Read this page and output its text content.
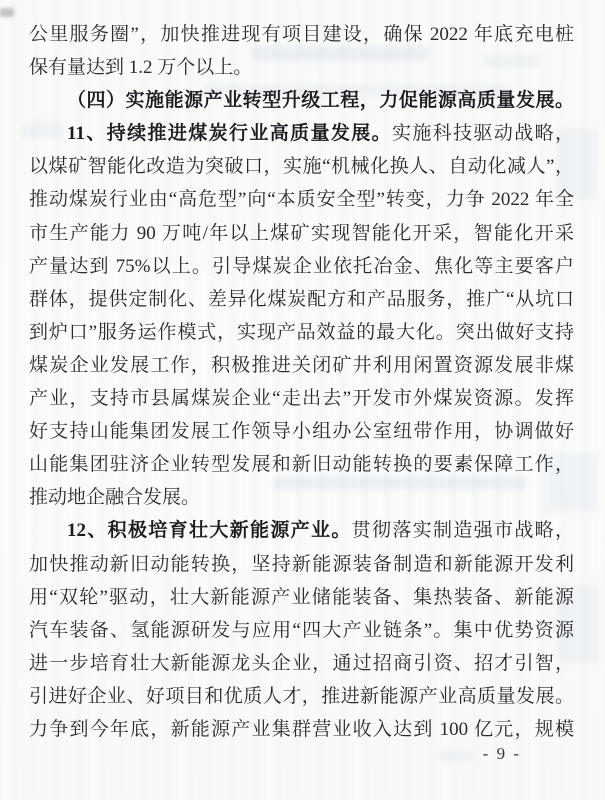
公里服务圈”，加快推进现有项目建设，确保 2022 年底充电桩
保有量达到 1.2 万个以上。
（四）实施能源产业转型升级工程，力促能源高质量发展。
11、持续推进煤炭行业高质量发展。实施科技驱动战略，
以煤矿智能化改造为突破口，实施“机械化换人、自动化减人”，
推动煤炭行业由“高危型”向“本质安全型”转变，力争 2022 年全
市生产能力 90 万吨/年以上煤矿实现智能化开采，智能化开采
产量达到 75%以上。引导煤炭企业依托冶金、焦化等主要客户
群体，提供定制化、差异化煤炭配方和产品服务，推广“从坑口
到炉口”服务运作模式，实现产品效益的最大化。突出做好支持
煤炭企业发展工作，积极推进关闭矿井利用闲置资源发展非煤
产业，支持市县属煤炭企业“走出去”开发市外煤炭资源。发挥
好支持山能集团发展工作领导小组办公室纽带作用，协调做好
山能集团驻济企业转型发展和新旧动能转换的要素保障工作，
推动地企融合发展。
12、积极培育壮大新能源产业。贯彻落实制造强市战略，
加快推动新旧动能转换，坚持新能源装备制造和新能源开发利
用“双轮”驱动，壮大新能源产业储能装备、集热装备、新能源
汽车装备、氢能源研发与应用“四大产业链条”。集中优势资源
进一步培育壮大新能源龙头企业，通过招商引资、招才引智，
引进好企业、好项目和优质人才，推进新能源产业高质量发展。
力争到今年底，新能源产业集群营业收入达到 100 亿元，规模
- 9 -
